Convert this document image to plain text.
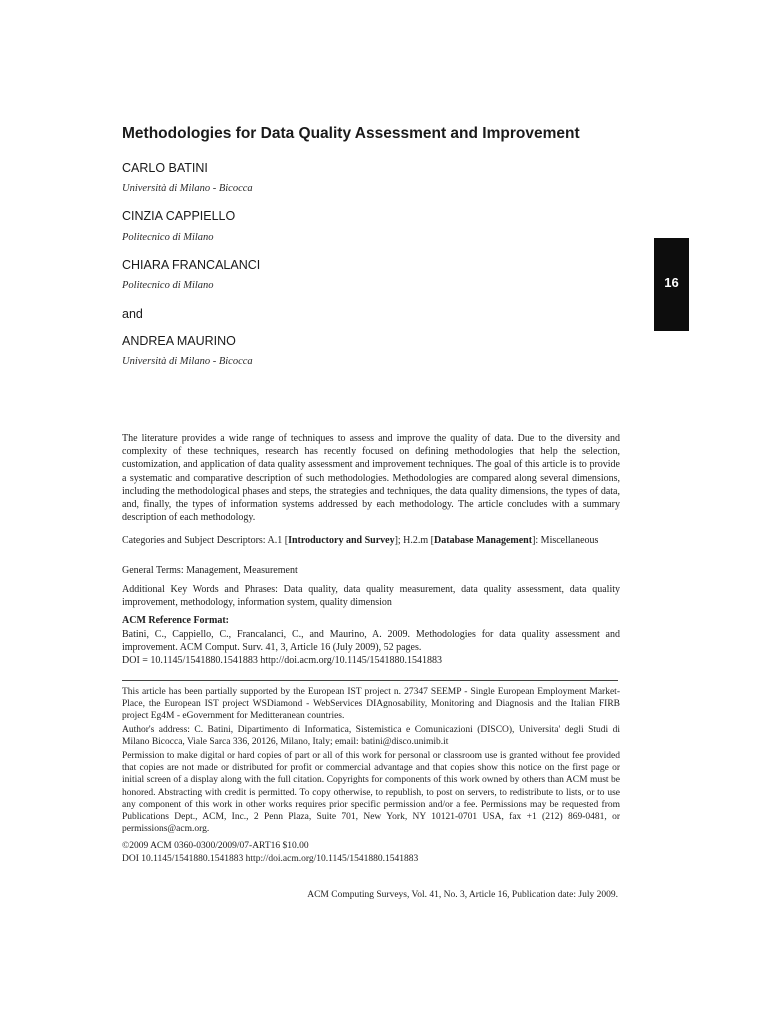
Methodologies for Data Quality Assessment and Improvement
CARLO BATINI
Università di Milano - Bicocca
CINZIA CAPPIELLO
Politecnico di Milano
CHIARA FRANCALANCI
Politecnico di Milano
and
ANDREA MAURINO
Università di Milano - Bicocca
16
The literature provides a wide range of techniques to assess and improve the quality of data. Due to the diversity and complexity of these techniques, research has recently focused on defining methodologies that help the selection, customization, and application of data quality assessment and improvement techniques. The goal of this article is to provide a systematic and comparative description of such methodologies. Methodologies are compared along several dimensions, including the methodological phases and steps, the strategies and techniques, the data quality dimensions, the types of data, and, finally, the types of information systems addressed by each methodology. The article concludes with a summary description of each methodology.
Categories and Subject Descriptors: A.1 [Introductory and Survey]; H.2.m [Database Management]: Miscellaneous
General Terms: Management, Measurement
Additional Key Words and Phrases: Data quality, data quality measurement, data quality assessment, data quality improvement, methodology, information system, quality dimension
ACM Reference Format:
Batini, C., Cappiello, C., Francalanci, C., and Maurino, A. 2009. Methodologies for data quality assessment and improvement. ACM Comput. Surv. 41, 3, Article 16 (July 2009), 52 pages.
DOI = 10.1145/1541880.1541883 http://doi.acm.org/10.1145/1541880.1541883
This article has been partially supported by the European IST project n. 27347 SEEMP - Single European Employment Market-Place, the European IST project WSDiamond - WebServices DIAgnosability, Monitoring and Diagnosis and the Italian FIRB project Eg4M - eGovernment for Meditteranean countries.
Author's address: C. Batini, Dipartimento di Informatica, Sistemistica e Comunicazioni (DISCO), Universita' degli Studi di Milano Bicocca, Viale Sarca 336, 20126, Milano, Italy; email: batini@disco.unimib.it
Permission to make digital or hard copies of part or all of this work for personal or classroom use is granted without fee provided that copies are not made or distributed for profit or commercial advantage and that copies show this notice on the first page or initial screen of a display along with the full citation. Copyrights for components of this work owned by others than ACM must be honored. Abstracting with credit is permitted. To copy otherwise, to republish, to post on servers, to redistribute to lists, or to use any component of this work in other works requires prior specific permission and/or a fee. Permissions may be requested from Publications Dept., ACM, Inc., 2 Penn Plaza, Suite 701, New York, NY 10121-0701 USA, fax +1 (212) 869-0481, or permissions@acm.org.
©2009 ACM 0360-0300/2009/07-ART16 $10.00
DOI 10.1145/1541880.1541883 http://doi.acm.org/10.1145/1541880.1541883
ACM Computing Surveys, Vol. 41, No. 3, Article 16, Publication date: July 2009.
